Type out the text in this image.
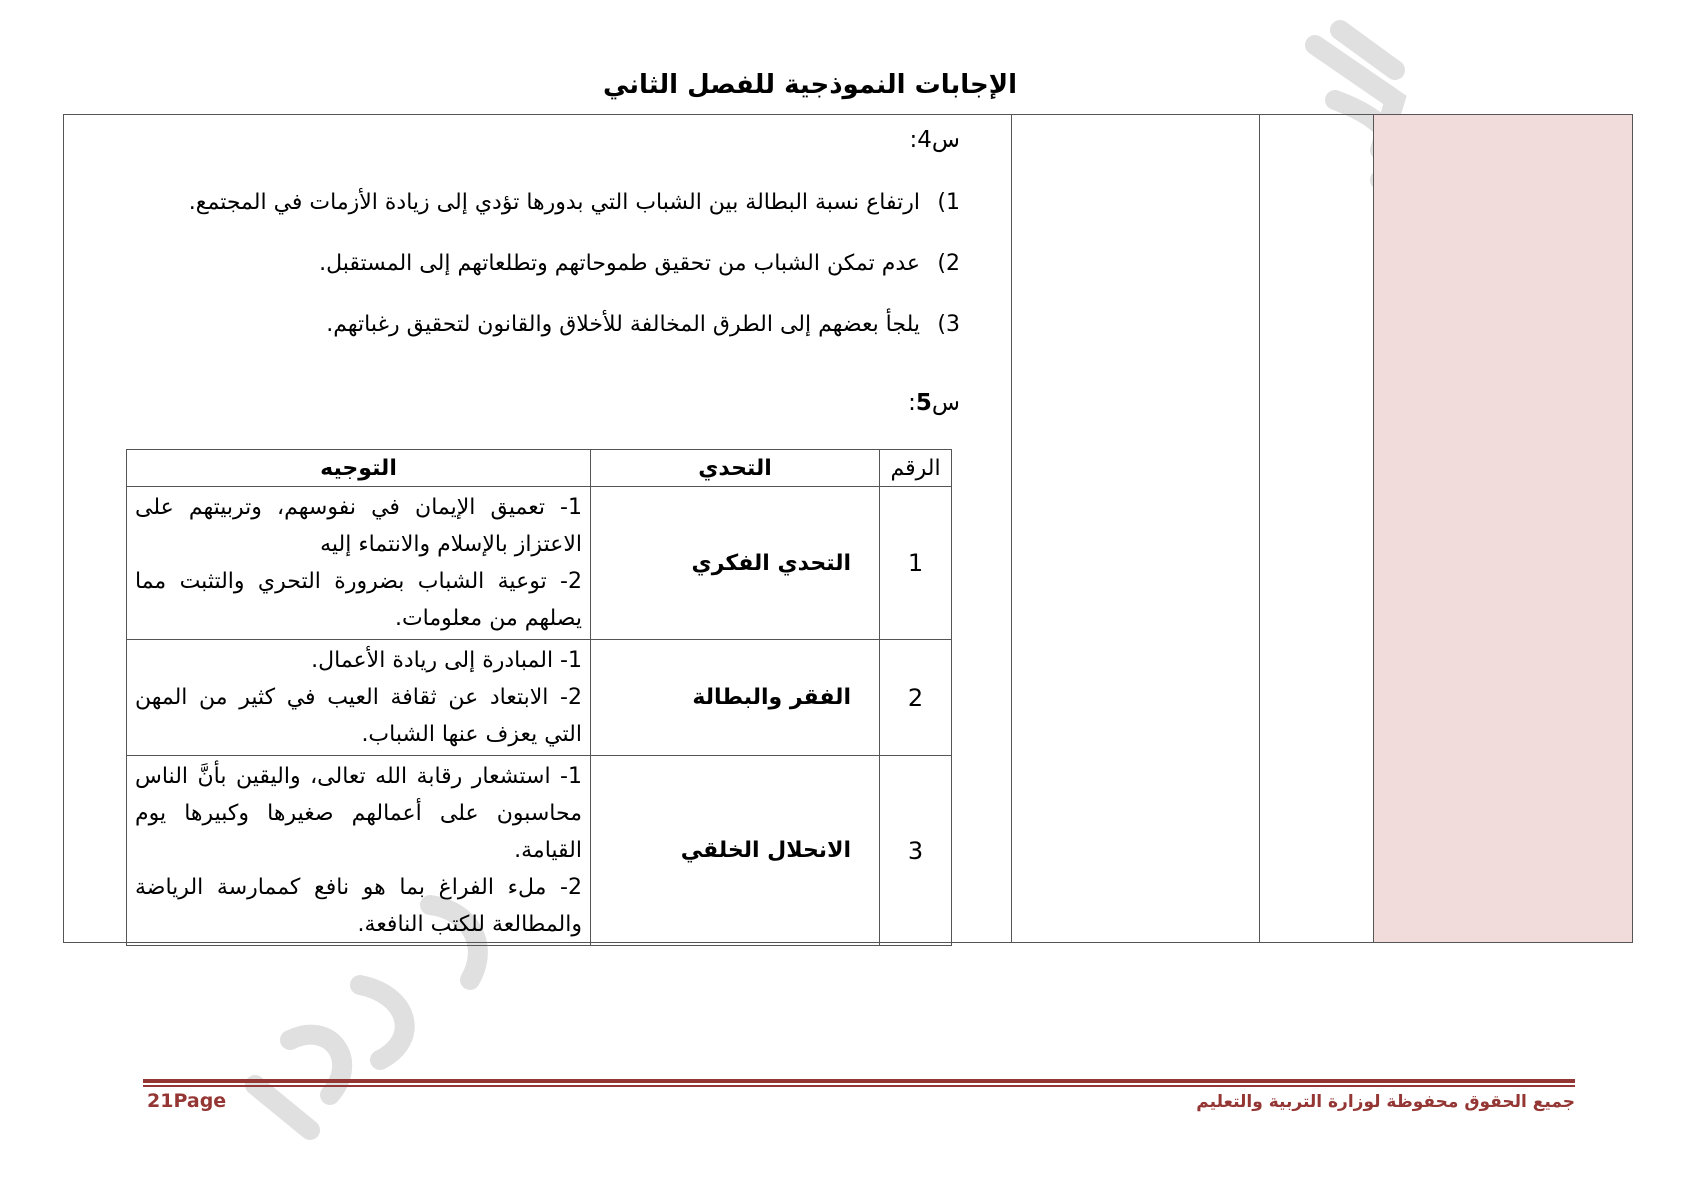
الإجابات النموذجية للفصل الثاني
س4:
1)ارتفاع نسبة البطالة بين الشباب التي بدورها تؤدي إلى زيادة الأزمات في المجتمع.
2)عدم تمكن الشباب من تحقيق طموحاتهم وتطلعاتهم إلى المستقبل.
3)يلجأ بعضهم إلى الطرق المخالفة للأخلاق والقانون لتحقيق رغباتهم.
س5:
الرقم	التحدي	التوجيه
1	التحدي الفكري	1- تعميق الإيمان في نفوسهم، وتربيتهم على الاعتزاز بالإسلام والانتماء إليه
2- توعية الشباب بضرورة التحري والتثبت مما يصلهم من معلومات.

2	الفقر والبطالة	1- المبادرة إلى ريادة الأعمال.
2- الابتعاد عن ثقافة العيب في كثير من المهن التي يعزف عنها الشباب.

3	الانحلال الخلقي	1- استشعار رقابة الله تعالى، واليقين بأنَّ الناس محاسبون على أعمالهم صغيرها وكبيرها يوم القيامة.
2- ملء الفراغ بما هو نافع كممارسة الرياضة والمطالعة للكتب النافعة.
جميع الحقوق محفوظة لوزارة التربية والتعليم
21Page
